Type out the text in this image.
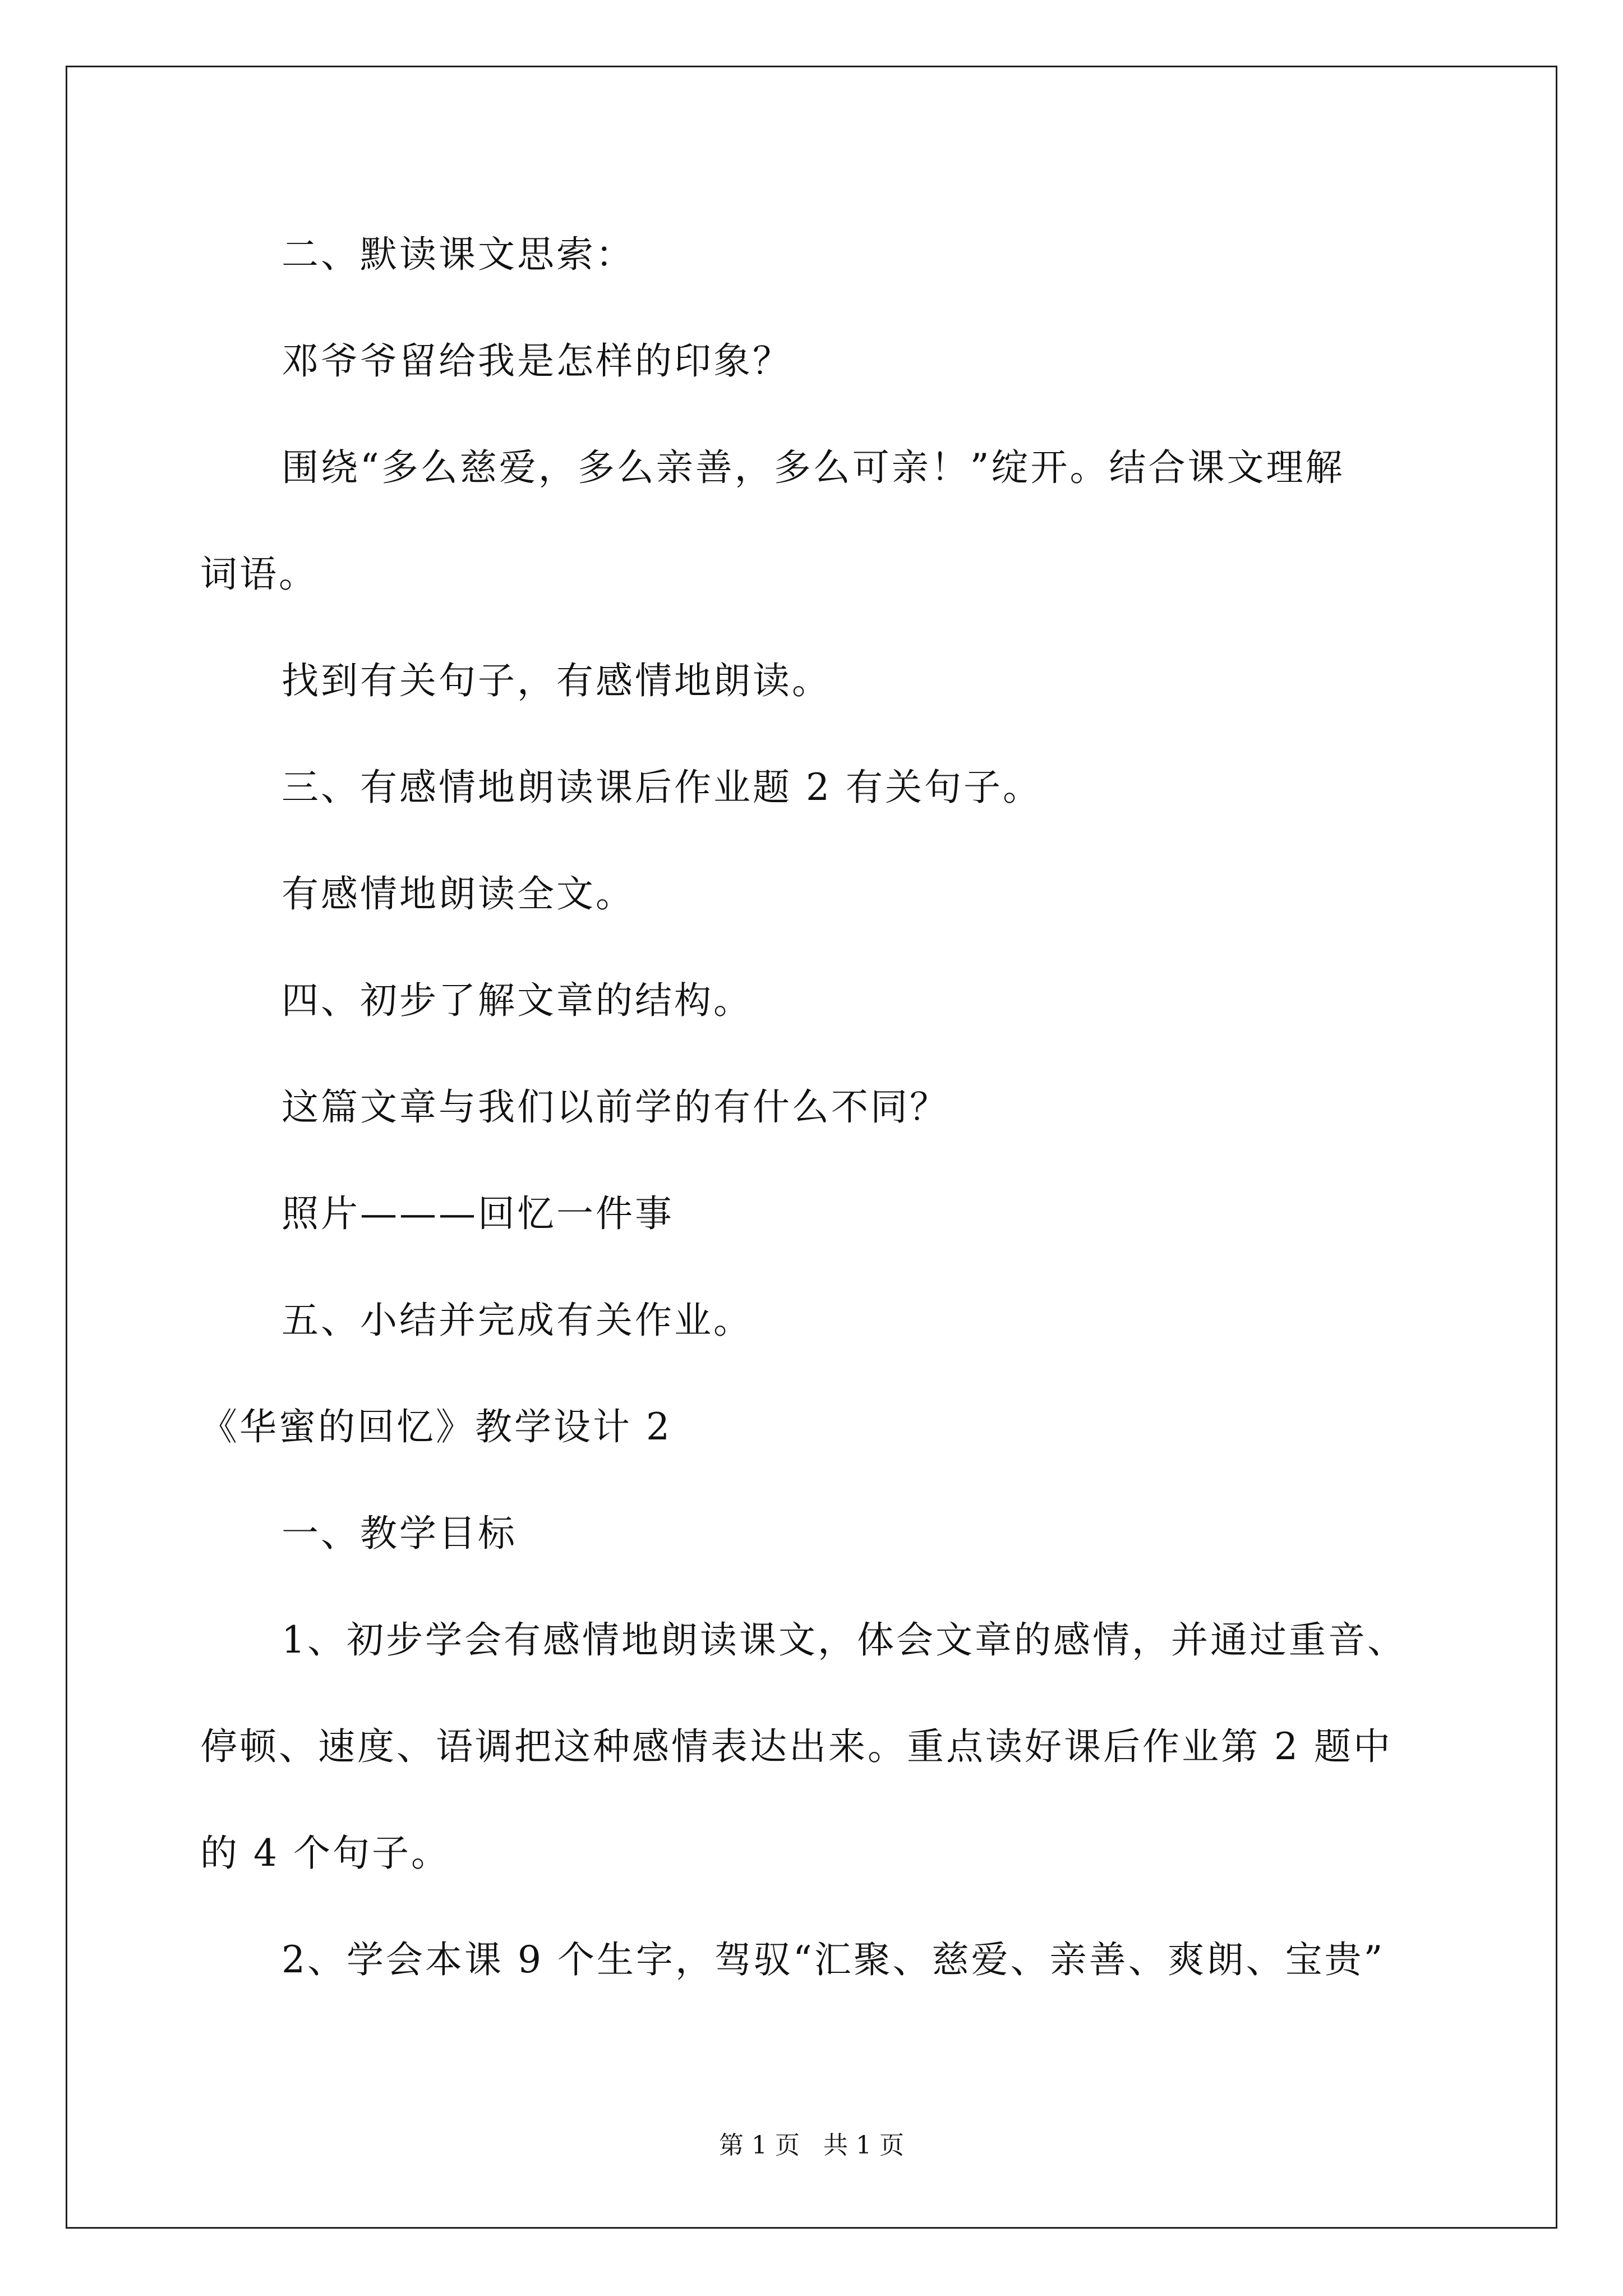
二、默读课文思索：
邓爷爷留给我是怎样的印象？
围绕“多么慈爱，多么亲善，多么可亲！”绽开。结合课文理解
词语。
找到有关句子，有感情地朗读。
三、有感情地朗读课后作业题 2 有关句子。
有感情地朗读全文。
四、初步了解文章的结构。
这篇文章与我们以前学的有什么不同？
照片———回忆一件事
五、小结并完成有关作业。
《华蜜的回忆》教学设计 2
一、教学目标
1、初步学会有感情地朗读课文，体会文章的感情，并通过重音、
停顿、速度、语调把这种感情表达出来。重点读好课后作业第 2 题中
的 4 个句子。
2、学会本课 9 个生字，驾驭“汇聚、慈爱、亲善、爽朗、宝贵”
第 1 页 共 1 页
